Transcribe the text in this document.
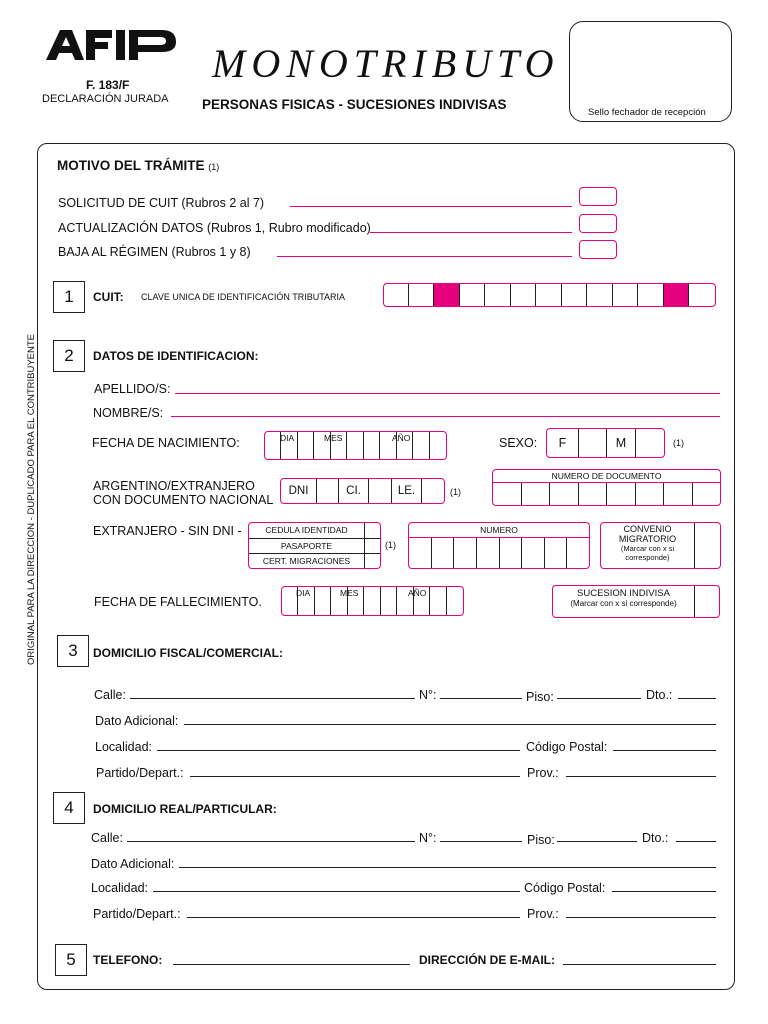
F. 183/F
DECLARACIÓN JURADA
MONOTRIBUTO
PERSONAS FISICAS - SUCESIONES INDIVISAS
Sello fechador de recepción
ORIGINAL PARA LA DIRECCION - DUPLICADO PARA EL CONTRIBUYENTE
MOTIVO DEL TRÁMITE (1)
SOLICITUD DE CUIT (Rubros 2 al 7)
ACTUALIZACIÓN DATOS (Rubros 1, Rubro modificado)
BAJA AL RÉGIMEN (Rubros 1 y 8)
1	CUIT: CLAVE UNICA DE IDENTIFICACIÓN TRIBUTARIA
2	DATOS DE IDENTIFICACION:
APELLIDO/S:
NOMBRE/S:
FECHA DE NACIMIENTO:	DIA	MES	AÑO	SEXO:	F	M	(1)
ARGENTINO/EXTRANJERO
CON DOCUMENTO NACIONAL
DNI	CI.	LE.	(1)
NUMERO DE DOCUMENTO
EXTRANJERO - SIN DNI -	CEDULA IDENTIDAD
PASAPORTE
CERT. MIGRACIONES
(1)
NUMERO	CONVENIO
MIGRATORIO
(Marcar con x si
corresponde)
FECHA DE FALLECIMIENTO.
DIA	MES	AÑO	SUCESION INDIVISA
(Marcar con x si corresponde)
3	DOMICILIO FISCAL/COMERCIAL:
Calle:	N°:	Piso:	Dto.:
Dato Adicional:
Localidad:	Código Postal:
Partido/Depart.:	Prov.:
4	DOMICILIO REAL/PARTICULAR:
Calle:	N°:	Piso:	Dto.:
Dato Adicional:
Localidad:	Código Postal:
Partido/Depart.:	Prov.:
5	TELEFONO:	DIRECCIÓN DE E-MAIL:
